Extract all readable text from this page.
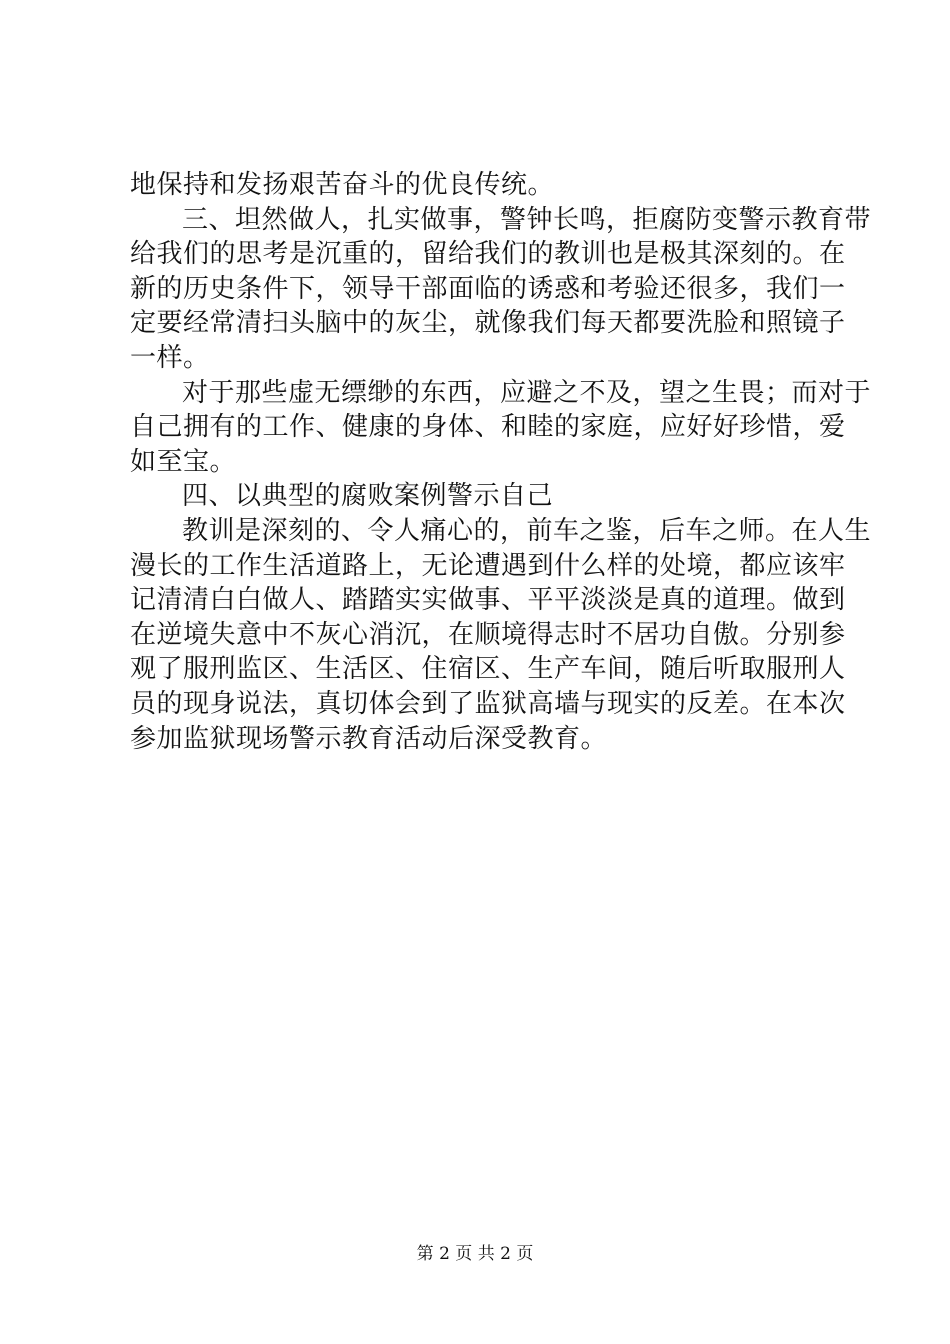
地保持和发扬艰苦奋斗的优良传统。
三、坦然做人，扎实做事，警钟长鸣，拒腐防变警示教育带
给我们的思考是沉重的，留给我们的教训也是极其深刻的。在
新的历史条件下，领导干部面临的诱惑和考验还很多，我们一
定要经常清扫头脑中的灰尘，就像我们每天都要洗脸和照镜子
一样。
对于那些虚无缥缈的东西，应避之不及，望之生畏；而对于
自己拥有的工作、健康的身体、和睦的家庭，应好好珍惜，爱
如至宝。
四、以典型的腐败案例警示自己
教训是深刻的、令人痛心的，前车之鉴，后车之师。在人生
漫长的工作生活道路上，无论遭遇到什么样的处境，都应该牢
记清清白白做人、踏踏实实做事、平平淡淡是真的道理。做到
在逆境失意中不灰心消沉，在顺境得志时不居功自傲。分别参
观了服刑监区、生活区、住宿区、生产车间，随后听取服刑人
员的现身说法，真切体会到了监狱高墙与现实的反差。在本次
参加监狱现场警示教育活动后深受教育。
第 2 页 共 2 页
